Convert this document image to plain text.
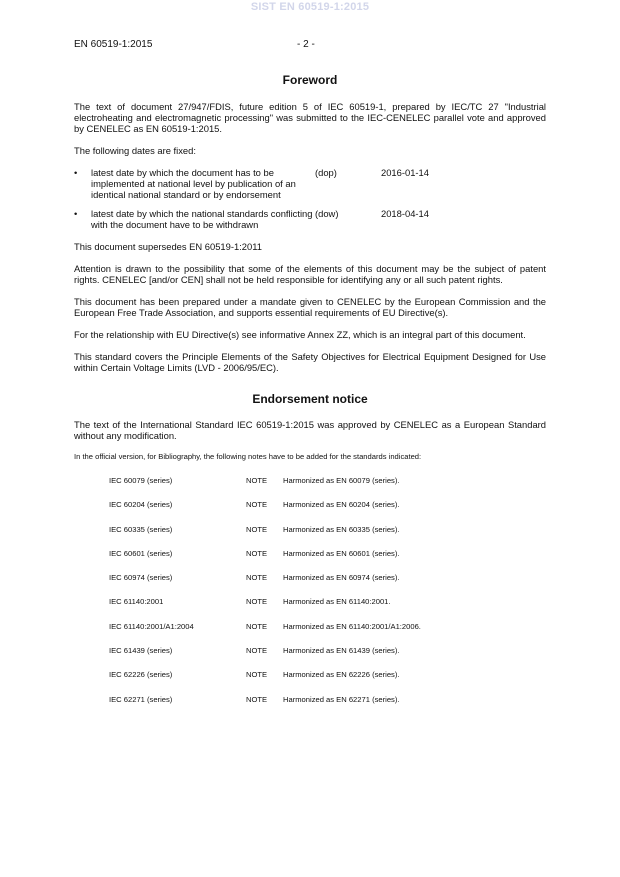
SIST EN 60519-1:2015
EN 60519-1:2015	- 2 -
Foreword

The text of document 27/947/FDIS, future edition 5 of IEC 60519-1, prepared by IEC/TC 27 "Industrial electroheating and electromagnetic processing" was submitted to the IEC-CENELEC parallel vote and approved by CENELEC as EN 60519-1:2015.

The following dates are fixed:

•	latest date by which the document has to be implemented at national level by publication of an identical national standard or by endorsement
(dop)	2016-01-14
•	latest date by which the national standards conflicting with the document have to be withdrawn
(dow)	2018-04-14

This document supersedes EN 60519-1:2011

Attention is drawn to the possibility that some of the elements of this document may be the subject of patent rights. CENELEC [and/or CEN] shall not be held responsible for identifying any or all such patent rights.

This document has been prepared under a mandate given to CENELEC by the European Commission and the European Free Trade Association, and supports essential requirements of EU Directive(s).

For the relationship with EU Directive(s) see informative Annex ZZ, which is an integral part of this document.

This standard covers the Principle Elements of the Safety Objectives for Electrical Equipment Designed for Use within Certain Voltage Limits (LVD - 2006/95/EC).

Endorsement notice

The text of the International Standard IEC 60519-1:2015 was approved by CENELEC as a European Standard without any modification.

In the official version, for Bibliography, the following notes have to be added for the standards indicated:

IEC 60079 (series)	NOTE	Harmonized as EN 60079 (series).
IEC 60204 (series)	NOTE	Harmonized as EN 60204 (series).
IEC 60335 (series)	NOTE	Harmonized as EN 60335 (series).
IEC 60601 (series)	NOTE	Harmonized as EN 60601 (series).
IEC 60974 (series)	NOTE	Harmonized as EN 60974 (series).
IEC 61140:2001	NOTE	Harmonized as EN 61140:2001.
IEC 61140:2001/A1:2004	NOTE	Harmonized as EN 61140:2001/A1:2006.
IEC 61439 (series)	NOTE	Harmonized as EN 61439 (series).
IEC 62226 (series)	NOTE	Harmonized as EN 62226 (series).
IEC 62271 (series)	NOTE	Harmonized as EN 62271 (series).
